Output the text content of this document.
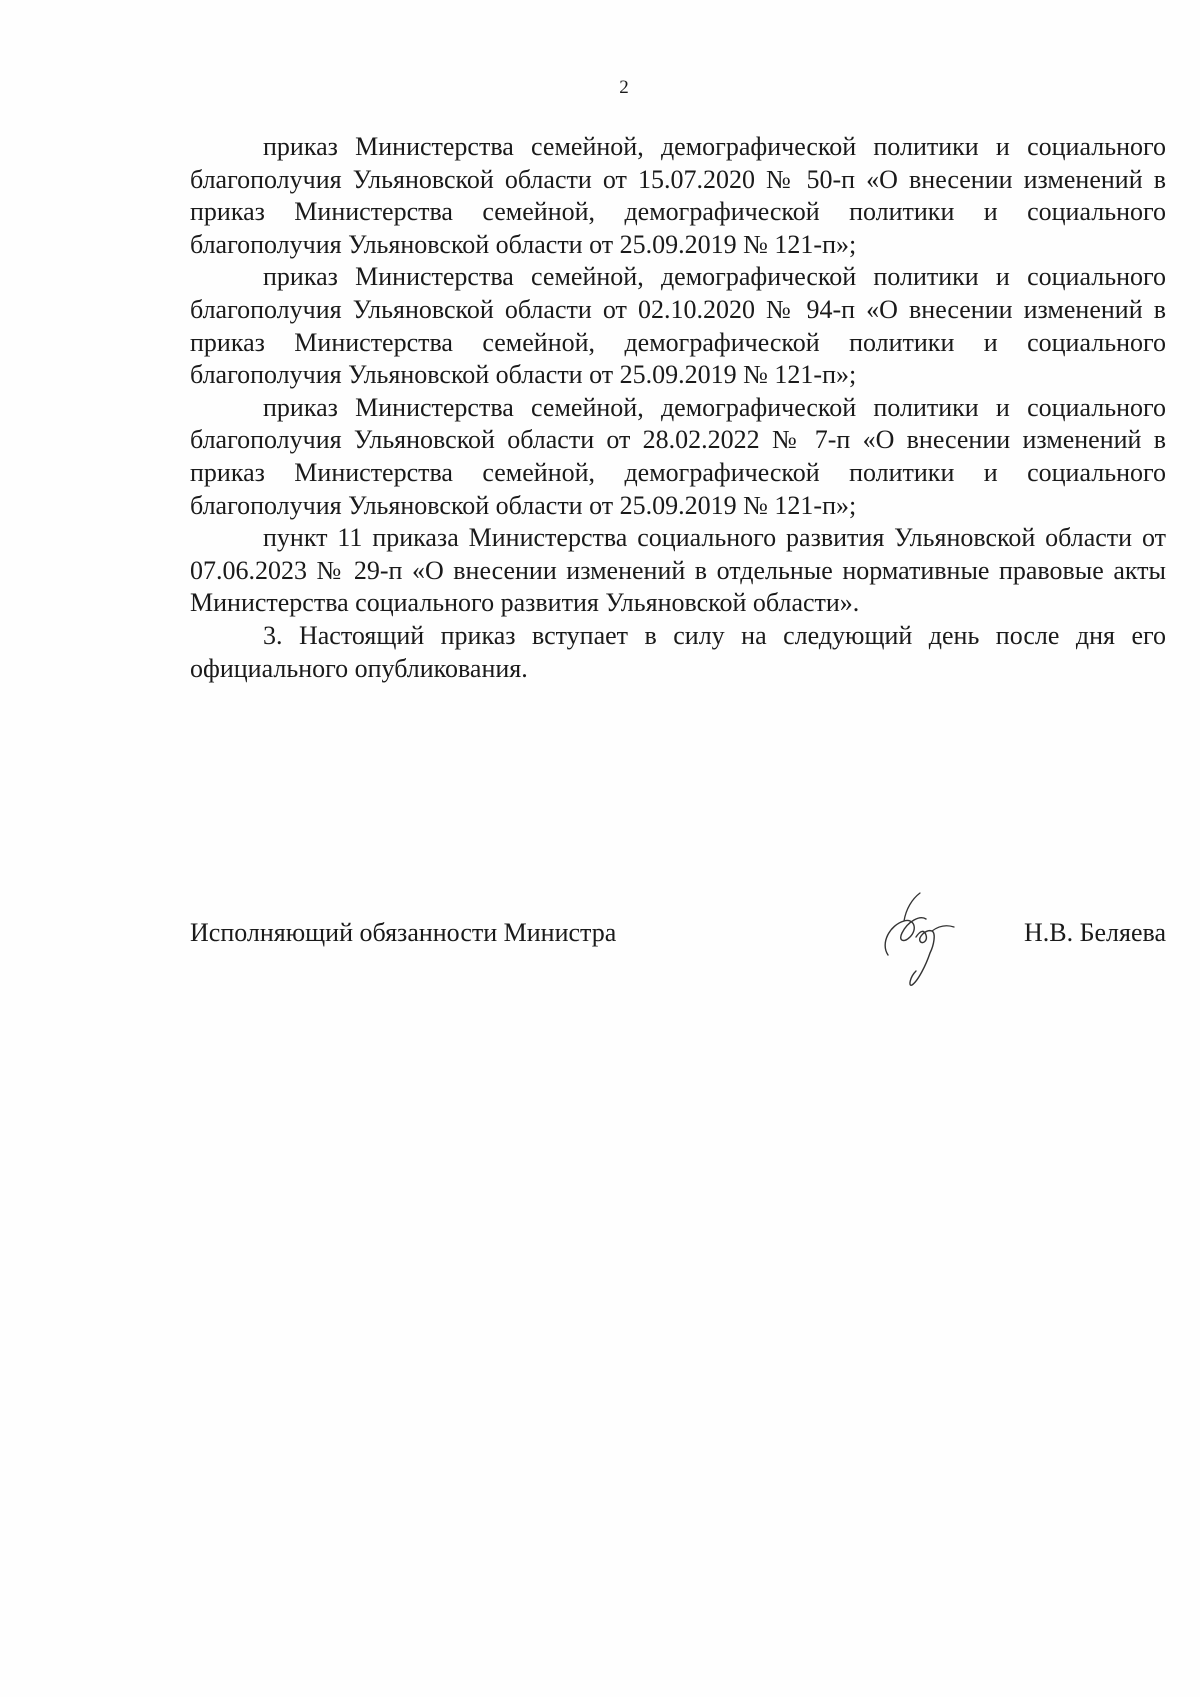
2

приказ Министерства семейной, демографической политики и социального благополучия Ульяновской области от 15.07.2020 № 50-п «О внесении изменений в приказ Министерства семейной, демографической политики и социального благополучия Ульяновской области от 25.09.2019 № 121-п»;

приказ Министерства семейной, демографической политики и социального благополучия Ульяновской области от 02.10.2020 № 94-п «О внесении изменений в приказ Министерства семейной, демографической политики и социального благополучия Ульяновской области от 25.09.2019 № 121-п»;

приказ Министерства семейной, демографической политики и социального благополучия Ульяновской области от 28.02.2022 № 7-п «О внесении изменений в приказ Министерства семейной, демографической политики и социального благополучия Ульяновской области от 25.09.2019 № 121-п»;

пункт 11 приказа Министерства социального развития Ульяновской области от 07.06.2023 № 29-п «О внесении изменений в отдельные нормативные правовые акты Министерства социального развития Ульяновской области».

3. Настоящий приказ вступает в силу на следующий день после дня его официального опубликования.

Исполняющий обязанности Министра	Н.В. Беляева
